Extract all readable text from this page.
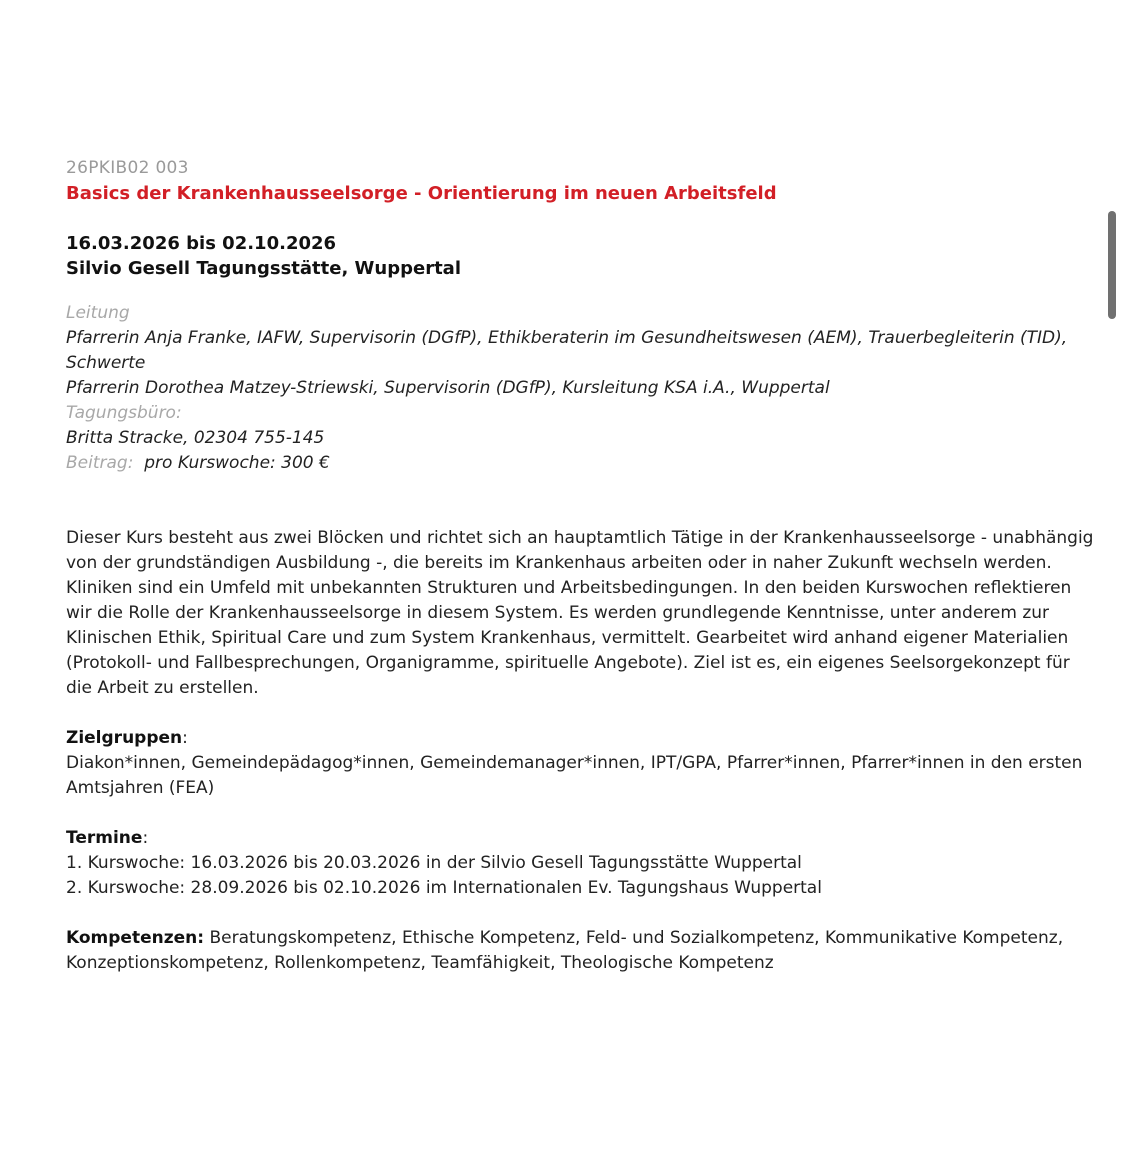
26PKIB02 003
Basics der Krankenhausseelsorge - Orientierung im neuen Arbeitsfeld
16.03.2026 bis 02.10.2026
Silvio Gesell Tagungsstätte, Wuppertal
Leitung
Pfarrerin Anja Franke, IAFW, Supervisorin (DGfP), Ethikberaterin im Gesundheitswesen (AEM), Trauerbegleiterin (TID), Schwerte
Pfarrerin Dorothea Matzey-Striewski, Supervisorin (DGfP), Kursleitung KSA i.A., Wuppertal
Tagungsbüro:
Britta Stracke, 02304 755-145
Beitrag: pro Kurswoche: 300 €

Dieser Kurs besteht aus zwei Blöcken und richtet sich an hauptamtlich Tätige in der Krankenhausseelsorge - unabhängig von der grundständigen Ausbildung -, die bereits im Krankenhaus arbeiten oder in naher Zukunft wechseln werden.

Kliniken sind ein Umfeld mit unbekannten Strukturen und Arbeitsbedingungen. In den beiden Kurswochen reflektieren wir die Rolle der Krankenhausseelsorge in diesem System. Es werden grundlegende Kenntnisse, unter anderem zur Klinischen Ethik, Spiritual Care und zum System Krankenhaus, vermittelt. Gearbeitet wird anhand eigener Materialien (Protokoll- und Fallbesprechungen, Organigramme, spirituelle Angebote). Ziel ist es, ein eigenes Seelsorgekonzept für die Arbeit zu erstellen.

Zielgruppen:

Diakon*innen, Gemeindepädagog*innen, Gemeindemanager*innen, IPT/GPA, Pfarrer*innen, Pfarrer*innen in den ersten Amtsjahren (FEA)

Termine:

1. Kurswoche: 16.03.2026 bis 20.03.2026 in der Silvio Gesell Tagungsstätte Wuppertal

2. Kurswoche: 28.09.2026 bis 02.10.2026 im Internationalen Ev. Tagungshaus Wuppertal

Kompetenzen: Beratungskompetenz, Ethische Kompetenz, Feld- und Sozialkompetenz, Kommunikative Kompetenz, Konzeptionskompetenz, Rollenkompetenz, Teamfähigkeit, Theologische Kompetenz
